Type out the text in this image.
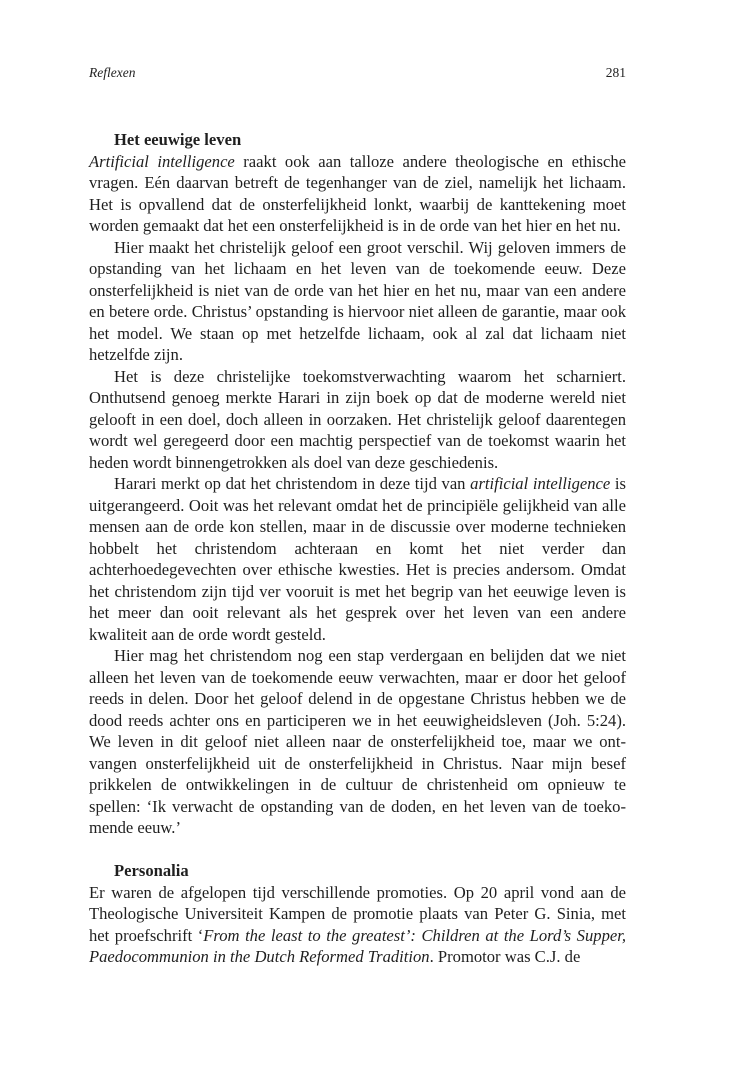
Reflexen	281
Het eeuwige leven

Artificial intelligence raakt ook aan talloze andere theologische en ethische vragen. Eén daarvan betreft de tegenhanger van de ziel, namelijk het lichaam. Het is opvallend dat de onsterfelijkheid lonkt, waarbij de kanttekening moet worden gemaakt dat het een onsterfelijkheid is in de orde van het hier en het nu.

Hier maakt het christelijk geloof een groot verschil. Wij geloven immers de opstanding van het lichaam en het leven van de toekomende eeuw. Deze onsterfelijkheid is niet van de orde van het hier en het nu, maar van een andere en betere orde. Christus’ opstanding is hiervoor niet alleen de garantie, maar ook het model. We staan op met hetzelfde lichaam, ook al zal dat lichaam niet hetzelfde zijn.

Het is deze christelijke toekomstverwachting waarom het scharniert. Onthutsend genoeg merkte Harari in zijn boek op dat de moderne wereld niet gelooft in een doel, doch alleen in oorzaken. Het christelijk geloof daarentegen wordt wel geregeerd door een machtig perspectief van de toekomst waarin het heden wordt binnengetrokken als doel van deze geschiedenis.

Harari merkt op dat het christendom in deze tijd van artificial intelligence is uitgerangeerd. Ooit was het relevant omdat het de principiële gelijkheid van alle mensen aan de orde kon stellen, maar in de discussie over moderne technieken hobbelt het christendom achteraan en komt het niet verder dan achterhoedegevechten over ethische kwesties. Het is precies andersom. Omdat het christendom zijn tijd ver vooruit is met het begrip van het eeuwige leven is het meer dan ooit relevant als het gesprek over het leven van een andere kwaliteit aan de orde wordt gesteld.

Hier mag het christendom nog een stap verdergaan en belijden dat we niet alleen het leven van de toekomende eeuw verwachten, maar er door het geloof reeds in delen. Door het geloof delend in de opgestane Christus hebben we de dood reeds achter ons en participeren we in het eeuwigheidsleven (Joh. 5:24). We leven in dit geloof niet alleen naar de onsterfelijkheid toe, maar we ontvangen onsterfelijkheid uit de onsterfelijkheid in Christus. Naar mijn besef prikkelen de ontwikkelingen in de cultuur de christenheid om opnieuw te spellen: ‘Ik verwacht de opstanding van de doden, en het leven van de toekomende eeuw.’

Personalia

Er waren de afgelopen tijd verschillende promoties. Op 20 april vond aan de Theologische Universiteit Kampen de promotie plaats van Peter G. Sinia, met het proefschrift ‘From the least to the greatest’: Children at the Lord’s Supper, Paedocommunion in the Dutch Reformed Tradition. Promotor was C.J. de
